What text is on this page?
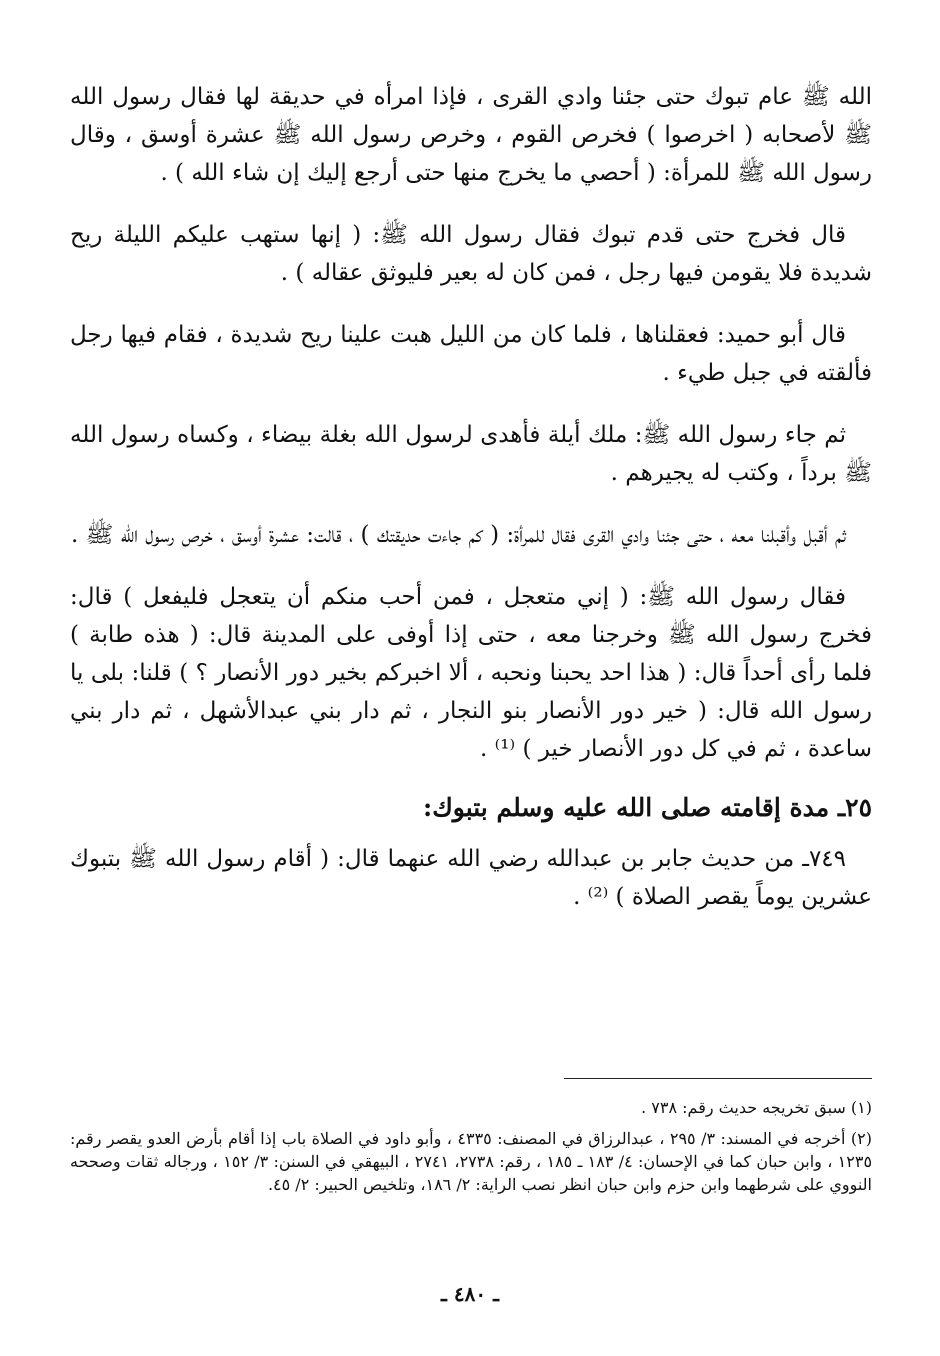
الله ﷺ عام تبوك حتى جئنا وادي القرى ، فإذا امرأه في حديقة لها فقال رسول الله ﷺ لأصحابه ( اخرصوا ) فخرص القوم ، وخرص رسول الله ﷺ عشرة أوسق ، وقال رسول الله ﷺ للمرأة: ( أحصي ما يخرج منها حتى أرجع إليك إن شاء الله ) .

قال فخرج حتى قدم تبوك فقال رسول الله ﷺ: ( إنها ستهب عليكم الليلة ريح شديدة فلا يقومن فيها رجل ، فمن كان له بعير فليوثق عقاله ) .

قال أبو حميد: فعقلناها ، فلما كان من الليل هبت علينا ريح شديدة ، فقام فيها رجل فألقته في جبل طيء .

ثم جاء رسول الله ﷺ: ملك أيلة فأهدى لرسول الله بغلة بيضاء ، وكساه رسول الله ﷺ برداً ، وكتب له يجيرهم .

ثم أقبل وأقبلنا معه ، حتى جئنا وادي القرى فقال للمرأة: ( كم جاءت حديقتك ) ، قالت: عشرة أوسق ، خرص رسول الله ﷺ .

فقال رسول الله ﷺ: ( إني متعجل ، فمن أحب منكم أن يتعجل فليفعل ) قال: فخرج رسول الله ﷺ وخرجنا معه ، حتى إذا أوفى على المدينة قال: ( هذه طابة ) فلما رأى أحداً قال: ( هذا احد يحبنا ونحبه ، ألا اخبركم بخير دور الأنصار ؟ ) قلنا: بلى يا رسول الله قال: ( خير دور الأنصار بنو النجار ، ثم دار بني عبدالأشهل ، ثم دار بني ساعدة ، ثم في كل دور الأنصار خير ) ⁽¹⁾ .

٢٥ـ مدة إقامته صلى الله عليه وسلم بتبوك:

٧٤٩ـ من حديث جابر بن عبدالله رضي الله عنهما قال: ( أقام رسول الله ﷺ بتبوك عشرين يوماً يقصر الصلاة ) ⁽²⁾ .

(١) سبق تخريجه حديث رقم: ٧٣٨ .

(٢) أخرجه في المسند: ٣/ ٢٩٥ ، عبدالرزاق في المصنف: ٤٣٣٥ ، وأبو داود في الصلاة باب إذا أقام بأرض العدو يقصر رقم: ١٢٣٥ ، وابن حبان كما في الإحسان: ٤/ ١٨٣ ـ ١٨٥ ، رقم: ٢٧٣٨، ٢٧٤١ ، البيهقي في السنن: ٣/ ١٥٢ ، ورجاله ثقات وصححه النووي على شرطهما وابن حزم وابن حبان انظر نصب الراية: ٢/ ١٨٦، وتلخيص الحبير: ٢/ ٤٥.

ـ ٤٨٠ ـ
